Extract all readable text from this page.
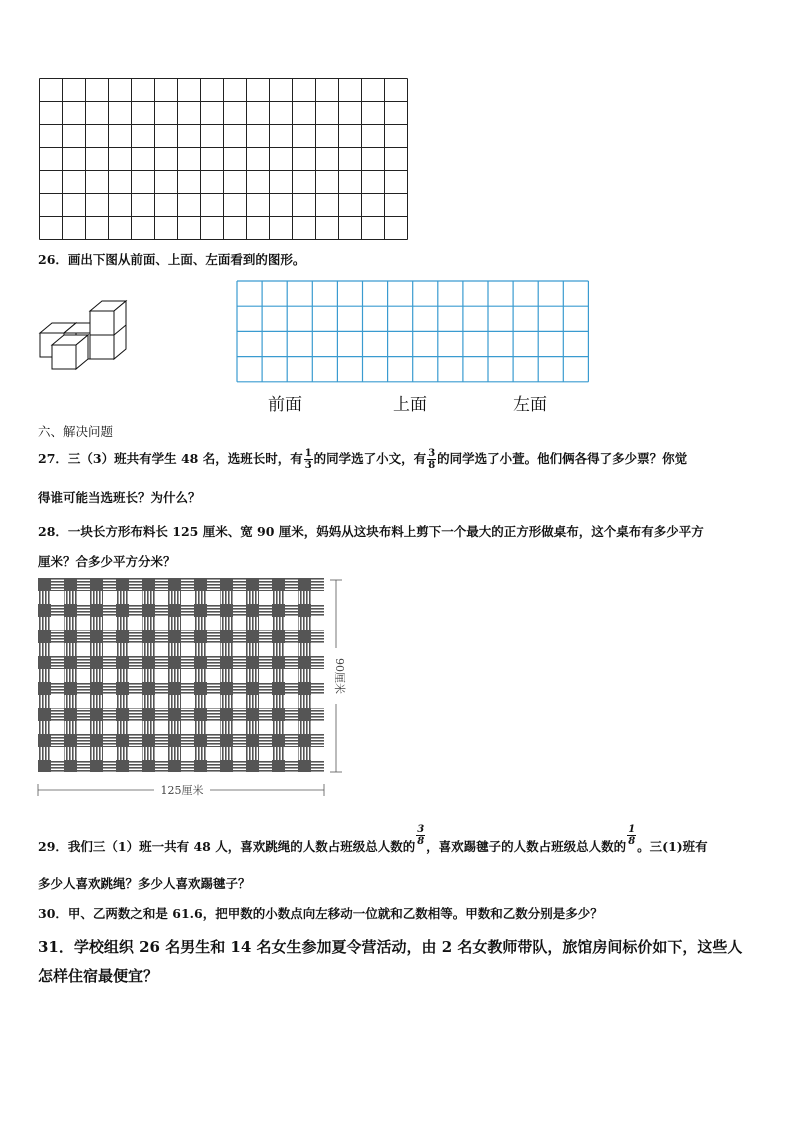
26．画出下图从前面、上面、左面看到的图形。
前面	上面	左面
六、解决问题
27．三（3）班共有学生 48 名，选班长时，有 $\frac{1}{3}$ 的同学选了小文，有 $\frac{3}{8}$ 的同学选了小萱。他们俩各得了多少票？你觉
得谁可能当选班长？为什么？
28．一块长方形布料长 125 厘米、宽 90 厘米，妈妈从这块布料上剪下一个最大的正方形做桌布，这个桌布有多少平方
厘米？合多少平方分米？
125厘米
90厘米
29．我们三（1）班一共有 48 人，喜欢跳绳的人数占班级总人数的 $\frac{3}{8}$ ，喜欢踢毽子的人数占班级总人数的 $\frac{1}{8}$ 。三(1)班有
多少人喜欢跳绳？多少人喜欢踢毽子？
30．甲、乙两数之和是 61.6，把甲数的小数点向左移动一位就和乙数相等。甲数和乙数分别是多少？
31．学校组织 26 名男生和 14 名女生参加夏令营活动，由 2 名女教师带队，旅馆房间标价如下，这些人
怎样住宿最便宜？
